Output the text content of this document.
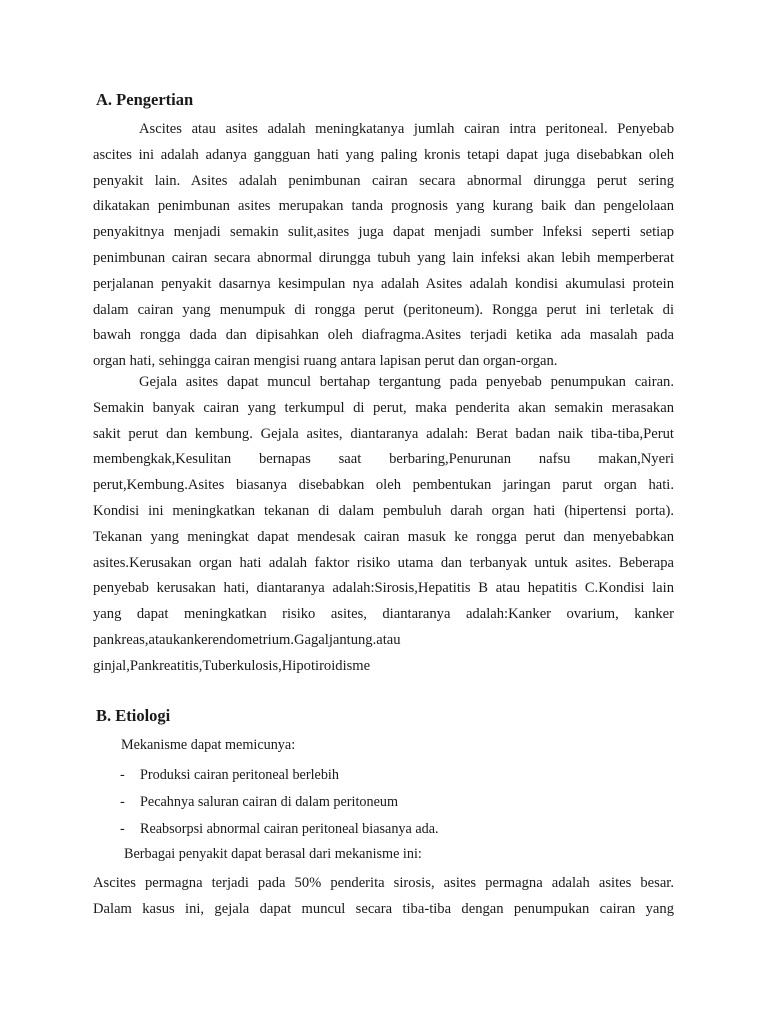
A. Pengertian
Ascites atau asites adalah meningkatanya jumlah cairan intra peritoneal. Penyebab
ascites ini adalah adanya gangguan hati yang paling kronis tetapi dapat juga disebabkan oleh
penyakit lain. Asites adalah penimbunan cairan secara abnormal dirungga perut sering
dikatakan penimbunan asites merupakan tanda prognosis yang kurang baik dan pengelolaan
penyakitnya menjadi semakin sulit,asites juga dapat menjadi sumber lnfeksi seperti setiap
penimbunan cairan secara abnormal dirungga tubuh yang lain infeksi akan lebih memperberat
perjalanan penyakit dasarnya kesimpulan nya adalah Asites adalah kondisi akumulasi protein
dalam cairan yang menumpuk di rongga perut (peritoneum). Rongga perut ini terletak di
bawah rongga dada dan dipisahkan oleh diafragma.Asites terjadi ketika ada masalah pada
organ hati, sehingga cairan mengisi ruang antara lapisan perut dan organ-organ.
Gejala asites dapat muncul bertahap tergantung pada penyebab penumpukan cairan.
Semakin banyak cairan yang terkumpul di perut, maka penderita akan semakin merasakan
sakit perut dan kembung. Gejala asites, diantaranya adalah: Berat badan naik tiba-tiba,Perut
membengkak,Kesulitan bernapas saat berbaring,Penurunan nafsu makan,Nyeri
perut,Kembung.Asites biasanya disebabkan oleh pembentukan jaringan parut organ hati.
Kondisi ini meningkatkan tekanan di dalam pembuluh darah organ hati (hipertensi porta).
Tekanan yang meningkat dapat mendesak cairan masuk ke rongga perut dan menyebabkan
asites.Kerusakan organ hati adalah faktor risiko utama dan terbanyak untuk asites. Beberapa
penyebab kerusakan hati, diantaranya adalah:Sirosis,Hepatitis B atau hepatitis C.Kondisi lain
yang dapat meningkatkan risiko asites, diantaranya adalah:Kanker ovarium, kanker
pankreas,ataukankerendometrium.Gagaljantung.atau
ginjal,Pankreatitis,Tuberkulosis,Hipotiroidisme
B. Etiologi

Mekanisme dapat memicunya:

- Produksi cairan peritoneal berlebih
- Pecahnya saluran cairan di dalam peritoneum
- Reabsorpsi abnormal cairan peritoneal biasanya ada.

Berbagai penyakit dapat berasal dari mekanisme ini:

Ascites permagna terjadi pada 50% penderita sirosis, asites permagna adalah asites besar.
Dalam kasus ini, gejala dapat muncul secara tiba-tiba dengan penumpukan cairan yang
